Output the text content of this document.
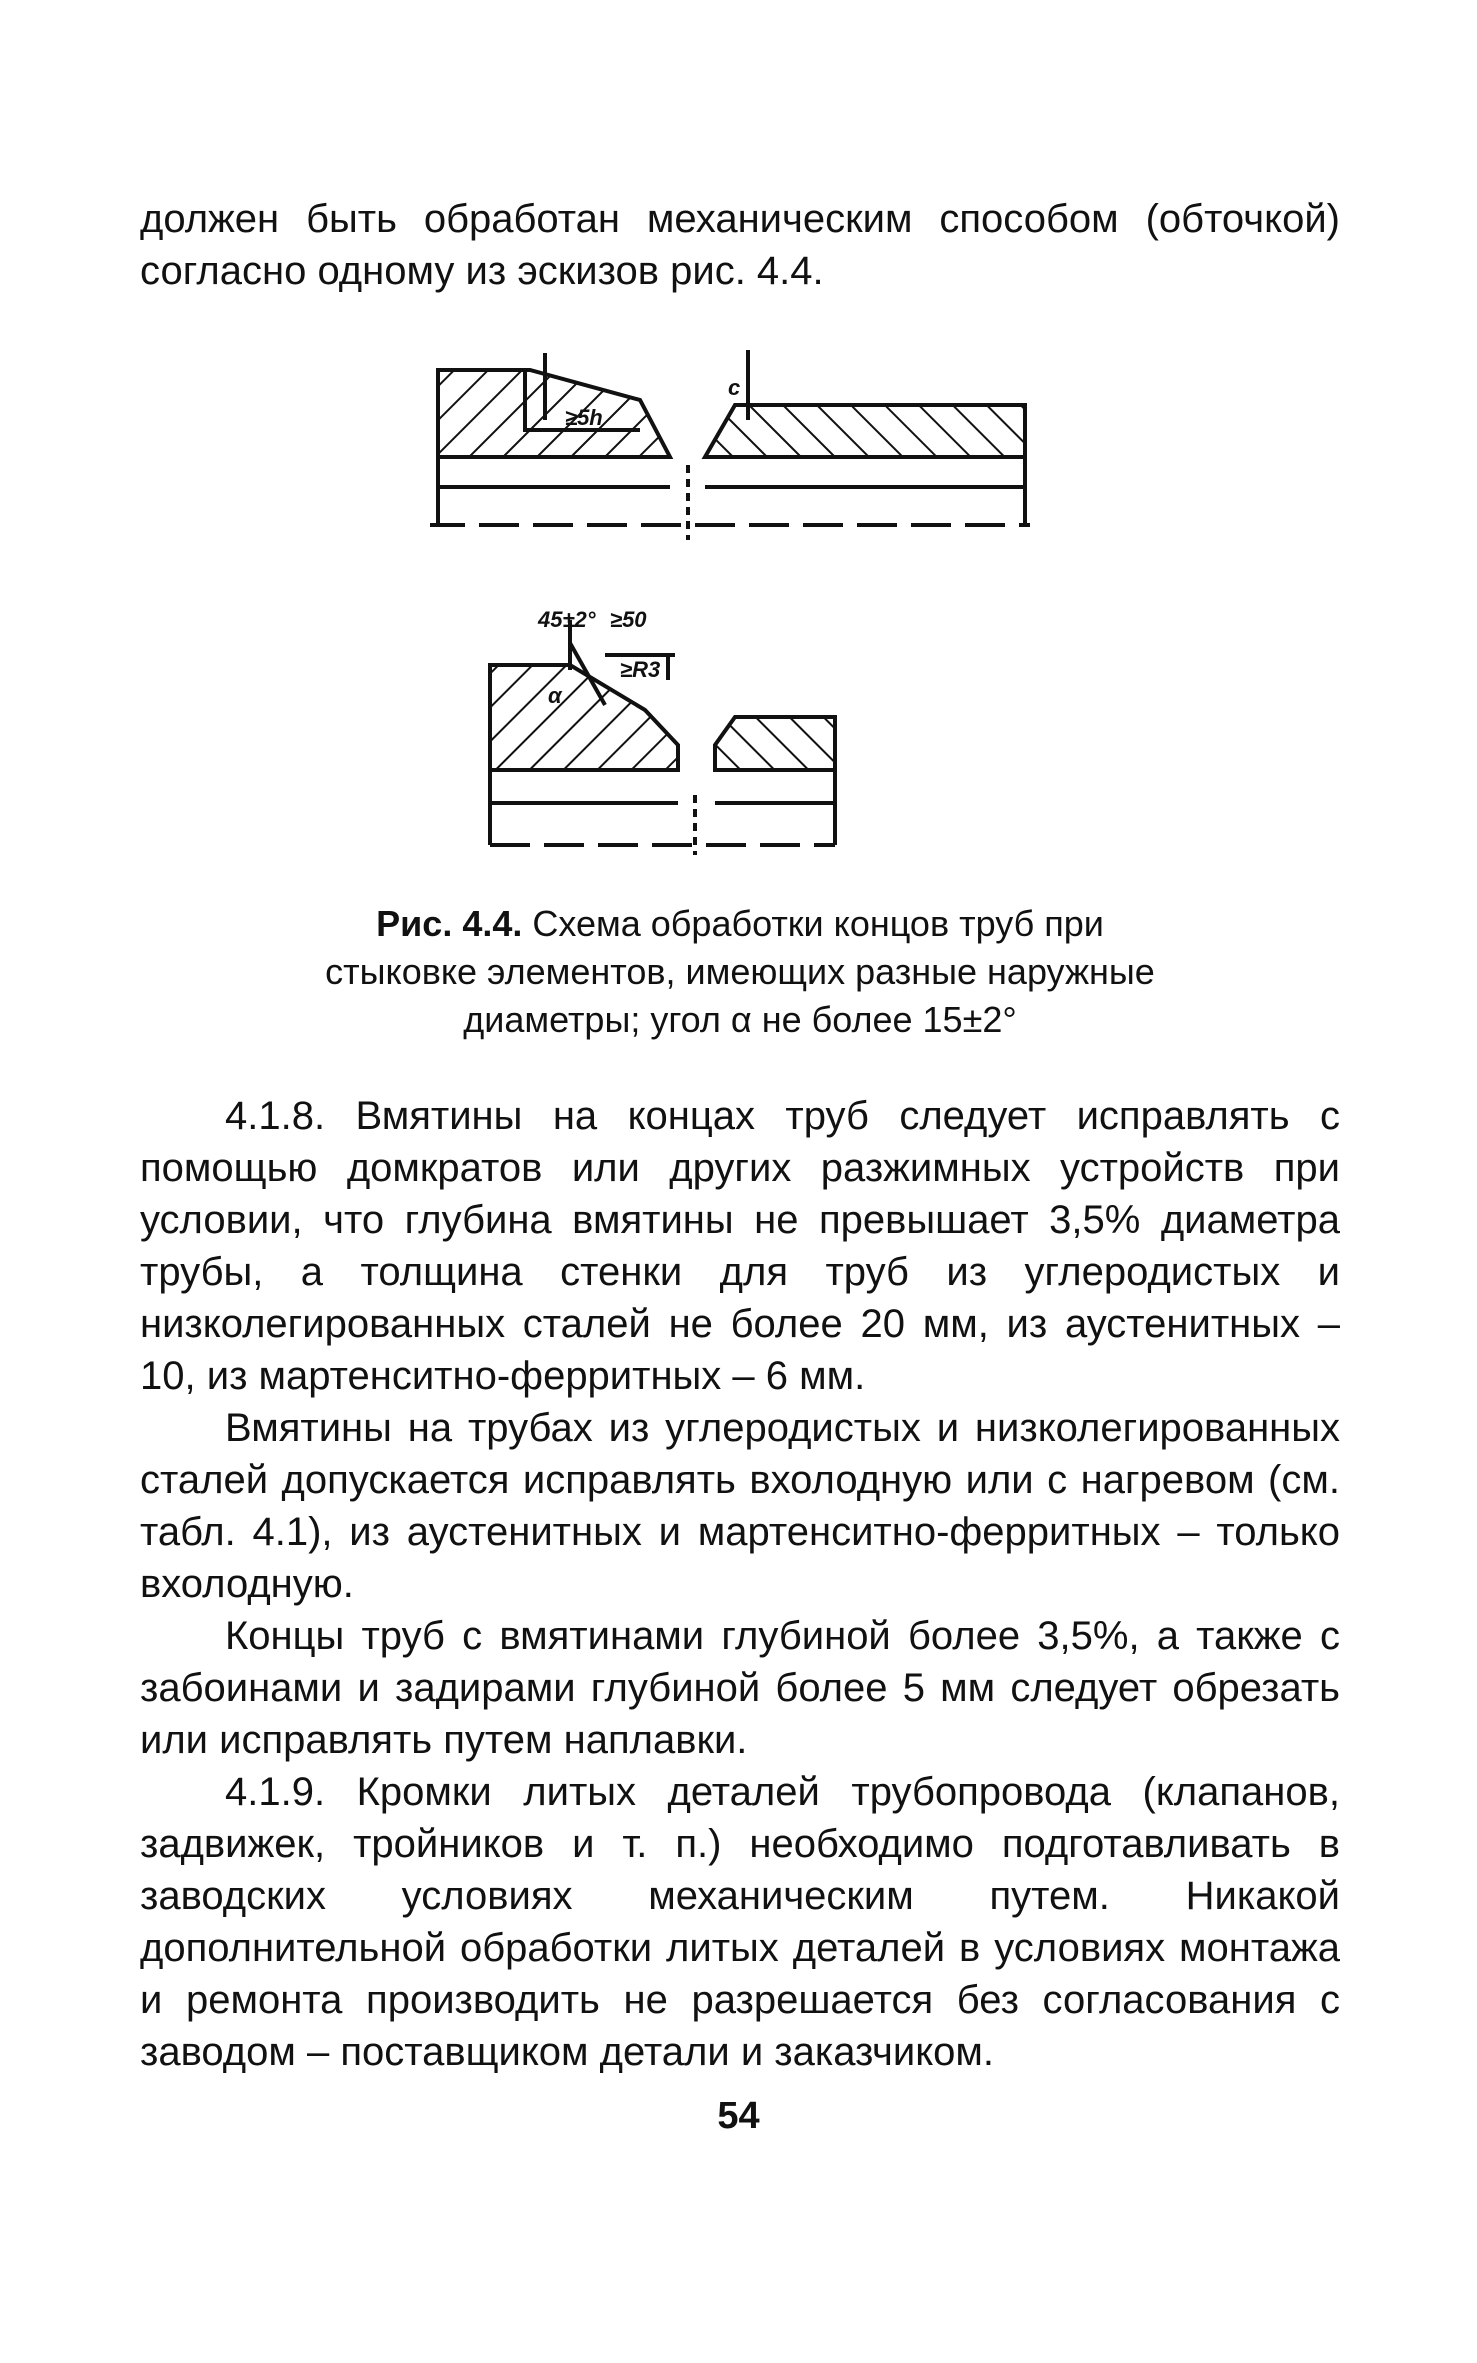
должен быть обработан механическим способом (обточкой) согласно одному из эскизов рис. 4.4.

≥5h
c
45±2° ≥50
≥R3
α
Рис. 4.4. Схема обработки концов труб при стыковке элементов, имеющих разные наружные диаметры; угол α не более 15±2°

4.1.8. Вмятины на концах труб следует исправлять с помощью домкратов или других разжимных устройств при условии, что глубина вмятины не превышает 3,5% диаметра трубы, а толщина стенки для труб из углеродистых и низколегированных сталей не более 20 мм, из аустенитных – 10, из мартенситно-ферритных – 6 мм.

Вмятины на трубах из углеродистых и низколегированных сталей допускается исправлять вхолодную или с нагревом (см. табл. 4.1), из аустенитных и мартенситно-ферритных – только вхолодную.

Концы труб с вмятинами глубиной более 3,5%, а также с забоинами и задирами глубиной более 5 мм следует обрезать или исправлять путем наплавки.

4.1.9. Кромки литых деталей трубопровода (клапанов, задвижек, тройников и т. п.) необходимо подготавливать в заводских условиях механическим путем. Никакой дополнительной обработки литых деталей в условиях монтажа и ремонта производить не разрешается без согласования с заводом – поставщиком детали и заказчиком.

54
